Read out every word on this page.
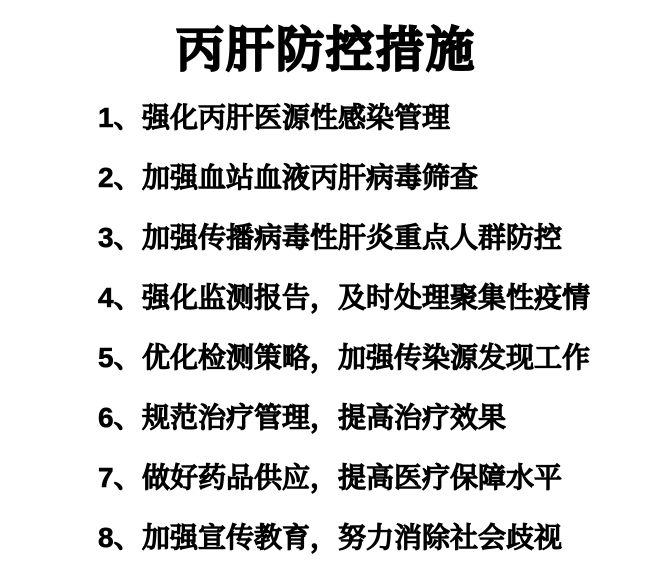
丙肝防控措施
1、强化丙肝医源性感染管理
2、加强血站血液丙肝病毒筛查
3、加强传播病毒性肝炎重点人群防控
4、强化监测报告，及时处理聚集性疫情
5、优化检测策略，加强传染源发现工作
6、规范治疗管理，提高治疗效果
7、做好药品供应，提高医疗保障水平
8、加强宣传教育，努力消除社会歧视
